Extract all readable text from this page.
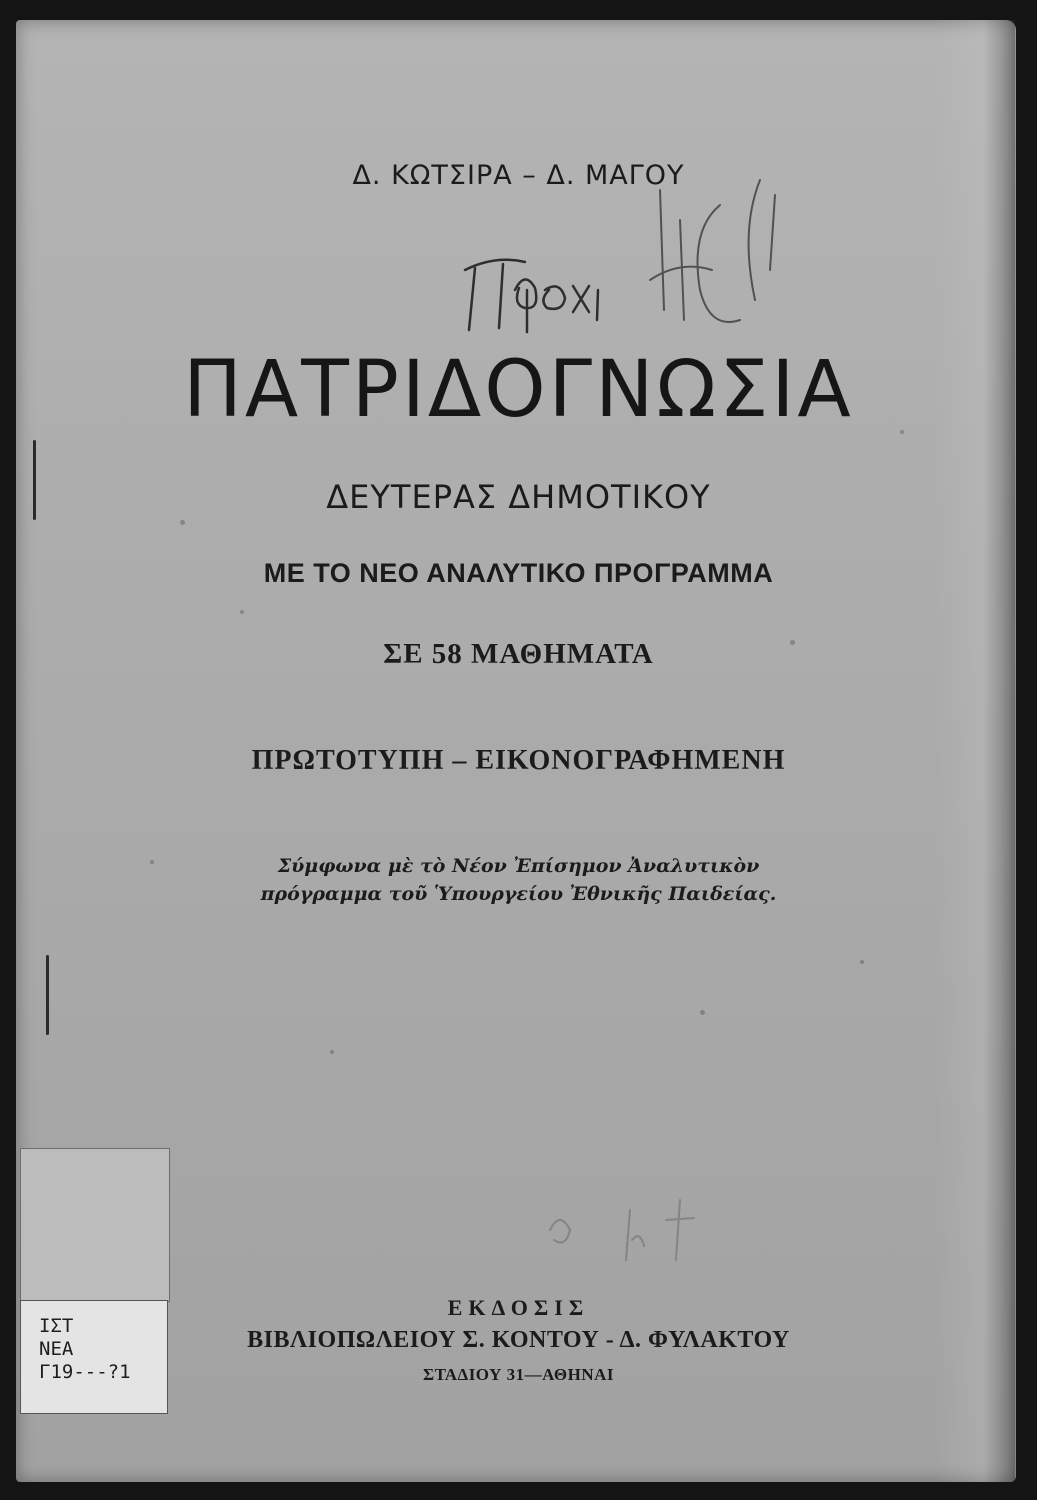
Δ. ΚΩΤΣΙΡΑ – Δ. ΜΑΓΟΥ
ΠΑΤΡΙΔΟΓΝΩΣΙΑ
ΔΕΥΤΕΡΑΣ ΔΗΜΟΤΙΚΟΥ
ΜΕ ΤΟ ΝΕΟ ΑΝΑΛΥΤΙΚΟ ΠΡΟΓΡΑΜΜΑ
ΣΕ 58 ΜΑΘΗΜΑΤΑ
ΠΡΩΤΟΤΥΠΗ – ΕΙΚΟΝΟΓΡΑΦΗΜΕΝΗ
Σύμφωνα μὲ τὸ Νέον Ἐπίσημον Ἀναλυτικὸν
πρόγραμμα τοῦ Ὑπουργείου Ἐθνικῆς Παιδείας.
ΕΚΔΟΣΙΣ
ΒΙΒΛΙΟΠΩΛΕΙΟΥ Σ. ΚΟΝΤΟΥ - Δ. ΦΥΛΑΚΤΟΥ
ΣΤΑΔΙΟΥ 31—ΑΘΗΝΑΙ
ΙΣΤ
ΝΕΑ
Γ19---?1
